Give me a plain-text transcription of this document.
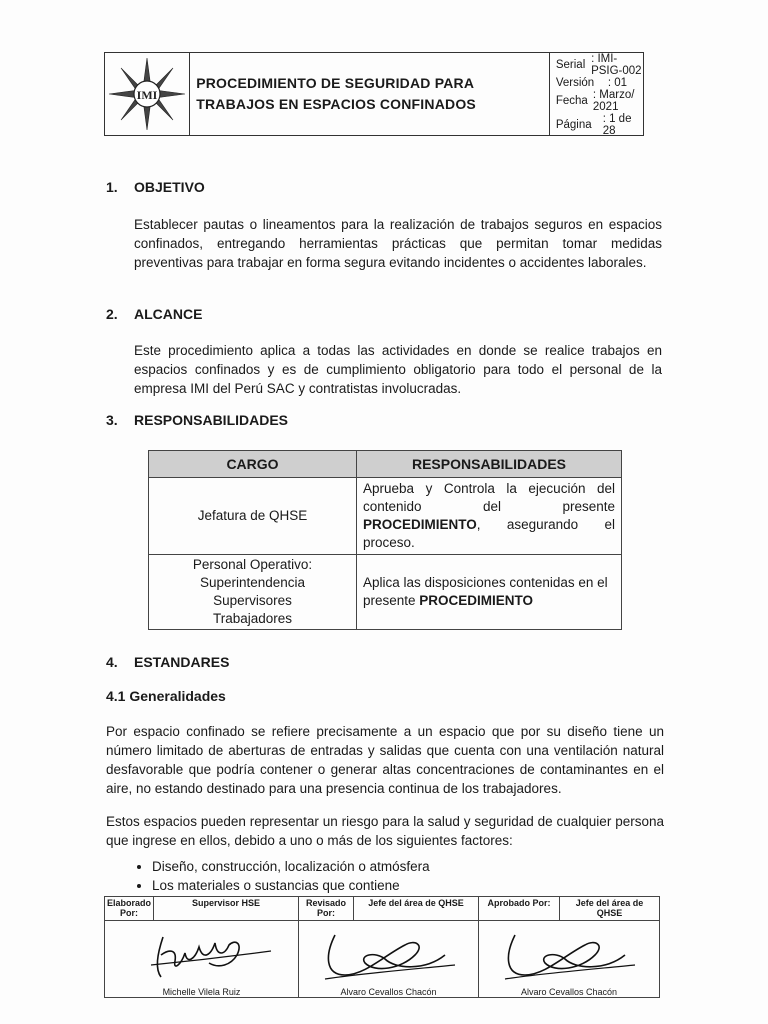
IMI
PROCEDIMIENTO DE SEGURIDAD PARA
TRABAJOS EN ESPACIOS CONFINADOS
Serial : IMI-PSIG-002
Versión	: 01
Fecha : Marzo/ 2021
Página : 1 de 28
1. OBJETIVO
Establecer pautas o lineamentos para la realización de trabajos seguros en espacios confinados, entregando herramientas prácticas que permitan tomar medidas preventivas para trabajar en forma segura evitando incidentes o accidentes laborales.
2. ALCANCE
Este procedimiento aplica a todas las actividades en donde se realice trabajos en espacios confinados y es de cumplimiento obligatorio para todo el personal de la empresa IMI del Perú SAC y contratistas involucradas.
3. RESPONSABILIDADES
CARGO	RESPONSABILIDADES
Jefatura de QHSE	Aprueba y Controla la ejecución del contenido del presente PROCEDIMIENTO, asegurando el proceso.

Personal Operativo:
Superintendencia
Supervisores
Trabajadores	Aplica las disposiciones contenidas en el presente PROCEDIMIENTO
4. ESTANDARES
4.1 Generalidades
Por espacio confinado se refiere precisamente a un espacio que por su diseño tiene un número limitado de aberturas de entradas y salidas que cuenta con una ventilación natural desfavorable que podría contener o generar altas concentraciones de contaminantes en el aire, no estando destinado para una presencia continua de los trabajadores.
Estos espacios pueden representar un riesgo para la salud y seguridad de cualquier persona que ingrese en ellos, debido a uno o más de los siguientes factores:
• Diseño, construcción, localización o atmósfera
• Los materiales o sustancias que contiene
Elaborado Por:	Supervisor HSE	Revisado Por:	Jefe del área de QHSE	Aprobado Por:	Jefe del área de QHSE

Michelle Vilela Ruiz		Alvaro Cevallos Chacón		Alvaro Cevallos Chacón	
